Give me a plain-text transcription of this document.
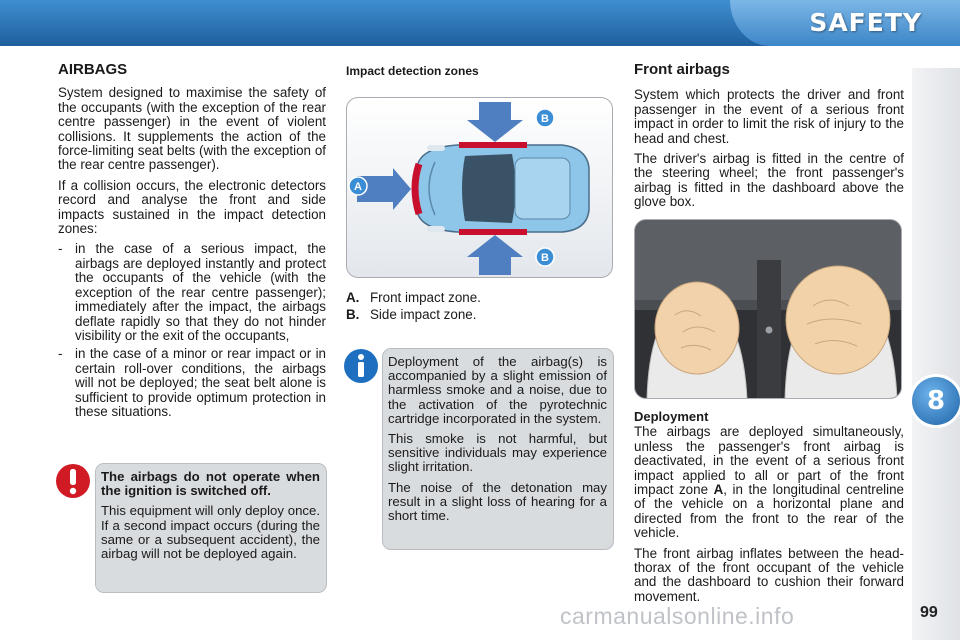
SAFETY
8
AIRBAGS

System designed to maximise the safety of the occupants (with the exception of the rear centre passenger) in the event of violent collisions. It supplements the action of the force-limiting seat belts (with the exception of the rear centre passenger).

If a collision occurs, the electronic detectors record and analyse the front and side impacts sustained in the impact detection zones:

- in the case of a serious impact, the airbags are deployed instantly and protect the occupants of the vehicle (with the exception of the rear centre passenger); immediately after the impact, the airbags deflate rapidly so that they do not hinder visibility or the exit of the occupants,
- in the case of a minor or rear impact or in certain roll-over conditions, the airbags will not be deployed; the seat belt alone is sufficient to provide optimum protection in these situations.

The airbags do not operate when the ignition is switched off.

This equipment will only deploy once. If a second impact occurs (during the same or a subsequent accident), the airbag will not be deployed again.

Impact detection zones
A
B
B
A. Front impact zone.
B. Side impact zone.

Deployment of the airbag(s) is accompanied by a slight emission of harmless smoke and a noise, due to the activation of the pyrotechnic cartridge incorporated in the system.

This smoke is not harmful, but sensitive individuals may experience slight irritation.

The noise of the detonation may result in a slight loss of hearing for a short time.

Front airbags

System which protects the driver and front passenger in the event of a serious front impact in order to limit the risk of injury to the head and chest.

The driver's airbag is fitted in the centre of the steering wheel; the front passenger's airbag is fitted in the dashboard above the glove box.

Deployment

The airbags are deployed simultaneously, unless the passenger's front airbag is deactivated, in the event of a serious front impact applied to all or part of the front impact zone A, in the longitudinal centreline of the vehicle on a horizontal plane and directed from the front to the rear of the vehicle.

The front airbag inflates between the head-thorax of the front occupant of the vehicle and the dashboard to cushion their forward movement.

carmanualsonline.info	99
